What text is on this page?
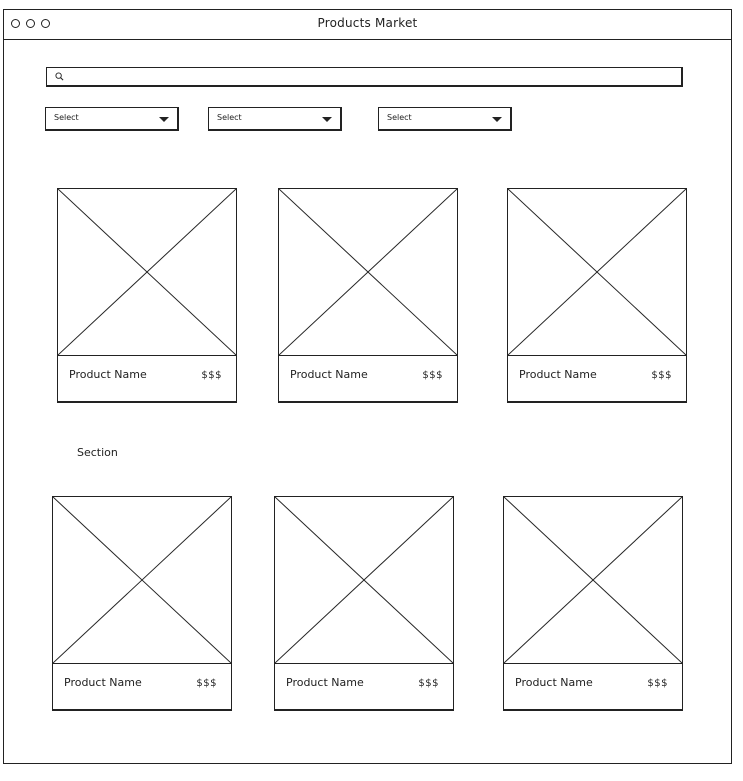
Products Market
Select	Select	Select
Product Name	$$$	Product Name	$$$	Product Name	$$$
Section
Product Name	$$$	Product Name	$$$	Product Name	$$$
